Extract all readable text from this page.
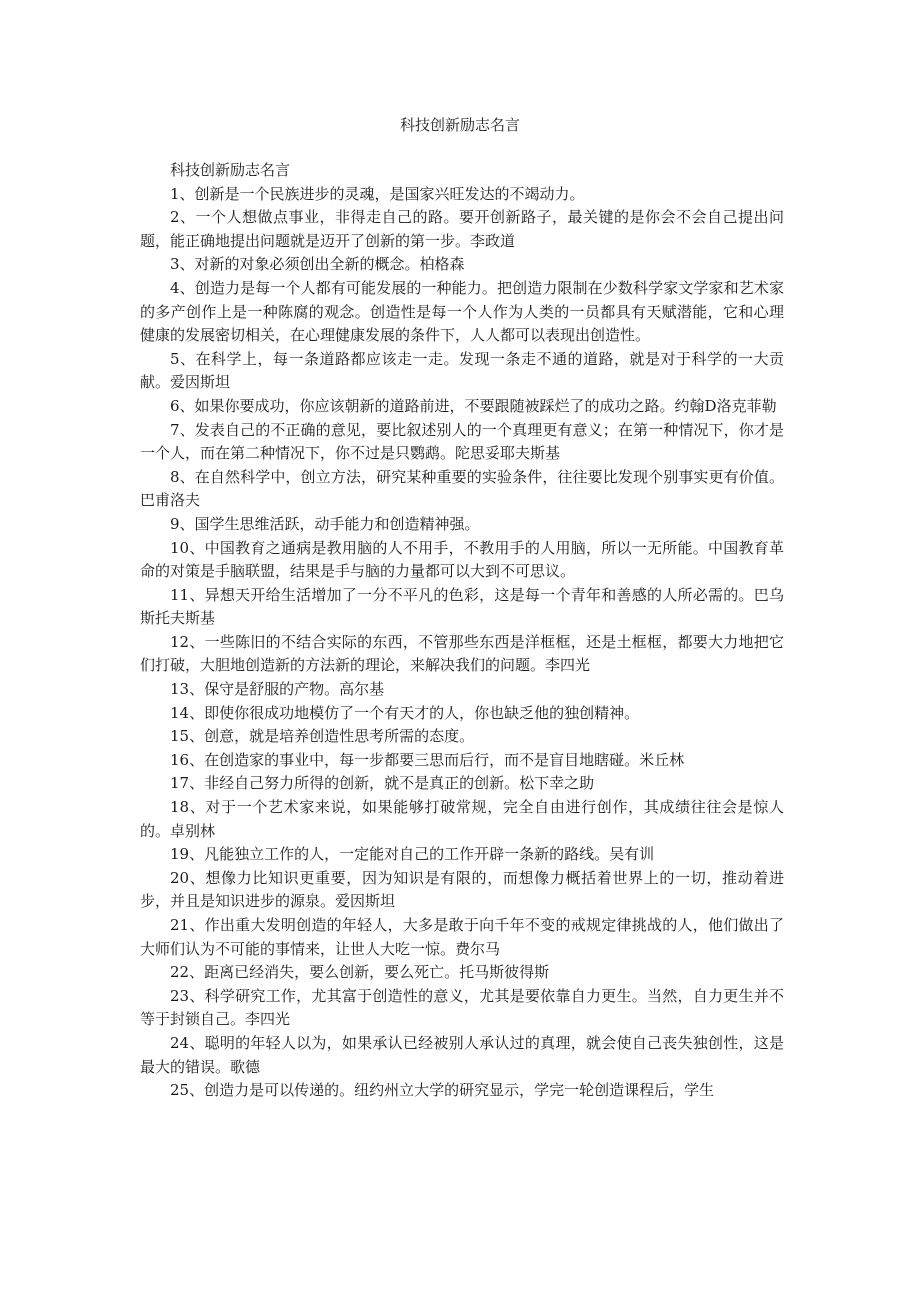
科技创新励志名言

科技创新励志名言

1、创新是一个民族进步的灵魂，是国家兴旺发达的不竭动力。

2、一个人想做点事业，非得走自己的路。要开创新路子，最关键的是你会不会自己提出问题，能正确地提出问题就是迈开了创新的第一步。李政道

3、对新的对象必须创出全新的概念。柏格森

4、创造力是每一个人都有可能发展的一种能力。把创造力限制在少数科学家文学家和艺术家的多产创作上是一种陈腐的观念。创造性是每一个人作为人类的一员都具有天赋潜能，它和心理健康的发展密切相关，在心理健康发展的条件下，人人都可以表现出创造性。

5、在科学上，每一条道路都应该走一走。发现一条走不通的道路，就是对于科学的一大贡献。爱因斯坦

6、如果你要成功，你应该朝新的道路前进，不要跟随被踩烂了的成功之路。约翰D洛克菲勒

7、发表自己的不正确的意见，要比叙述别人的一个真理更有意义；在第一种情况下，你才是一个人，而在第二种情况下，你不过是只鹦鹉。陀思妥耶夫斯基

8、在自然科学中，创立方法，研究某种重要的实验条件，往往要比发现个别事实更有价值。巴甫洛夫

9、国学生思维活跃，动手能力和创造精神强。

10、中国教育之通病是教用脑的人不用手，不教用手的人用脑，所以一无所能。中国教育革命的对策是手脑联盟，结果是手与脑的力量都可以大到不可思议。

11、异想天开给生活增加了一分不平凡的色彩，这是每一个青年和善感的人所必需的。巴乌斯托夫斯基

12、一些陈旧的不结合实际的东西，不管那些东西是洋框框，还是土框框，都要大力地把它们打破，大胆地创造新的方法新的理论，来解决我们的问题。李四光

13、保守是舒服的产物。高尔基

14、即使你很成功地模仿了一个有天才的人，你也缺乏他的独创精神。

15、创意，就是培养创造性思考所需的态度。

16、在创造家的事业中，每一步都要三思而后行，而不是盲目地瞎碰。米丘林

17、非经自己努力所得的创新，就不是真正的创新。松下幸之助

18、对于一个艺术家来说，如果能够打破常规，完全自由进行创作，其成绩往往会是惊人的。卓别林

19、凡能独立工作的人，一定能对自己的工作开辟一条新的路线。吴有训

20、想像力比知识更重要，因为知识是有限的，而想像力概括着世界上的一切，推动着进步，并且是知识进步的源泉。爱因斯坦

21、作出重大发明创造的年轻人，大多是敢于向千年不变的戒规定律挑战的人，他们做出了大师们认为不可能的事情来，让世人大吃一惊。费尔马

22、距离已经消失，要么创新，要么死亡。托马斯彼得斯

23、科学研究工作，尤其富于创造性的意义，尤其是要依靠自力更生。当然，自力更生并不等于封锁自己。李四光

24、聪明的年轻人以为，如果承认已经被别人承认过的真理，就会使自己丧失独创性，这是最大的错误。歌德

25、创造力是可以传递的。纽约州立大学的研究显示，学完一轮创造课程后，学生
